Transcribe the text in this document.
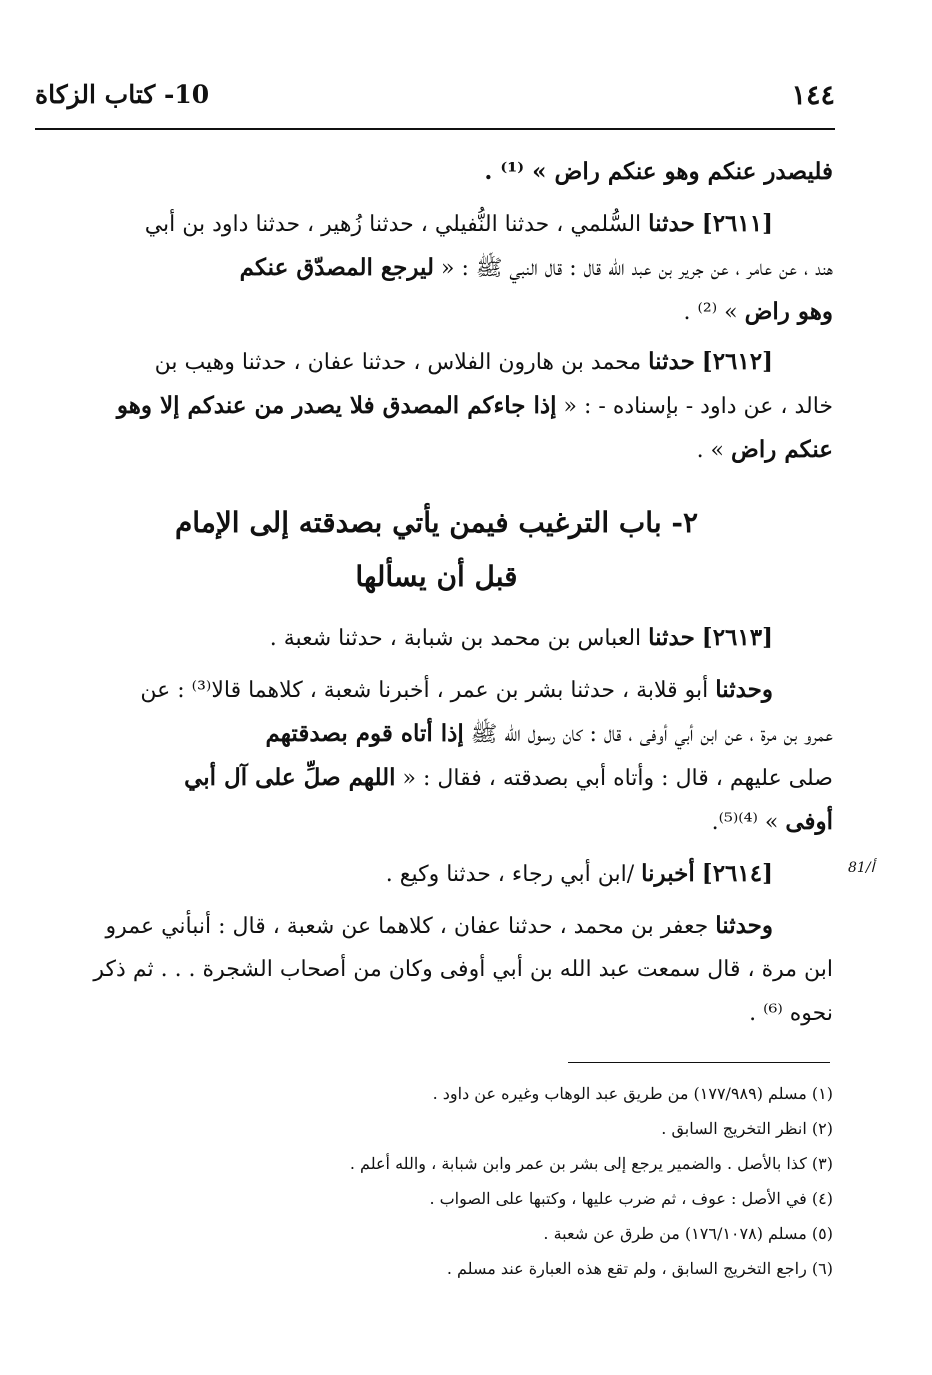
١٤٤
10- كتاب الزكاة
فليصدر عنكم وهو عنكم راض » ⁽¹⁾ .
[٢٦١١] حدثنا السُّلمي ، حدثنا النُّفيلي ، حدثنا زُهير ، حدثنا داود بن أبي
هند ، عن عامر ، عن جرير بن عبد الله قال : قال النبي ﷺ : « ليرجع المصدّق عنكم
وهو راض » ⁽²⁾ .
[٢٦١٢] حدثنا محمد بن هارون الفلاس ، حدثنا عفان ، حدثنا وهيب بن
خالد ، عن داود - بإسناده - : « إذا جاءكم المصدق فلا يصدر من عندكم إلا وهو
عنكم راض » .
٢- باب الترغيب فيمن يأتي بصدقته إلى الإمام
قبل أن يسألها
[٢٦١٣] حدثنا العباس بن محمد بن شبابة ، حدثنا شعبة .
وحدثنا أبو قلابة ، حدثنا بشر بن عمر ، أخبرنا شعبة ، كلاهما قالا⁽³⁾ : عن
عمرو بن مرة ، عن ابن أبي أوفى ، قال : كان رسول الله ﷺ إذا أتاه قوم بصدقتهم
صلى عليهم ، قال : وأتاه أبي بصدقته ، فقال : « اللهم صلِّ على آل أبي
أوفى » ⁽⁴⁾⁽⁵⁾.
[٢٦١٤] أخبرنا /ابن أبي رجاء ، حدثنا وكيع .	81/أ
وحدثنا جعفر بن محمد ، حدثنا عفان ، كلاهما عن شعبة ، قال : أنبأني عمرو
ابن مرة ، قال سمعت عبد الله بن أبي أوفى وكان من أصحاب الشجرة . . . ثم ذكر
نحوه ⁽⁶⁾ .
(١) مسلم (١٧٧/٩٨٩) من طريق عبد الوهاب وغيره عن داود .
(٢) انظر التخريج السابق .
(٣) كذا بالأصل . والضمير يرجع إلى بشر بن عمر وابن شبابة ، والله أعلم .
(٤) في الأصل : عوف ، ثم ضرب عليها ، وكتبها على الصواب .
(٥) مسلم (١٧٦/١٠٧٨) من طرق عن شعبة .
(٦) راجع التخريج السابق ، ولم تقع هذه العبارة عند مسلم .
